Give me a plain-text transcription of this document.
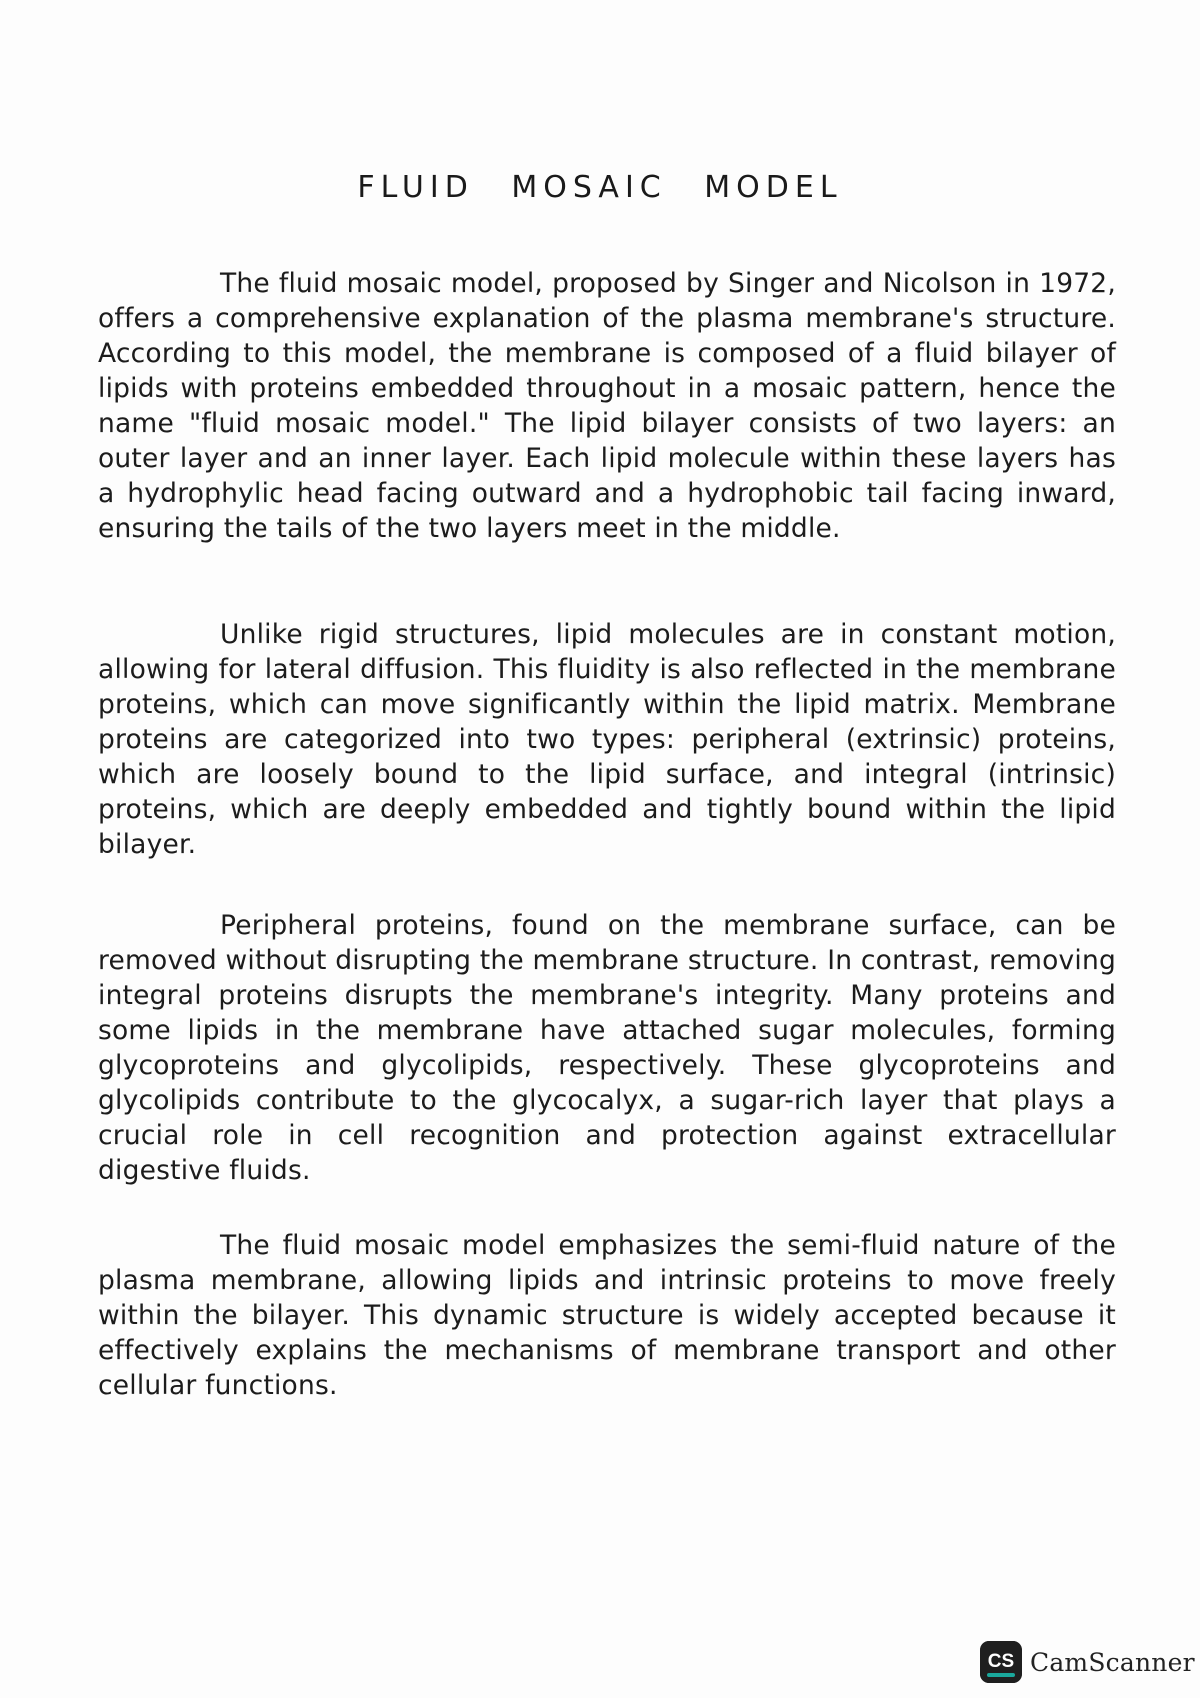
FLUID MOSAIC MODEL

The fluid mosaic model, proposed by Singer and Nicolson in 1972, offers a comprehensive explanation of the plasma membrane's structure. According to this model, the membrane is composed of a fluid bilayer of lipids with proteins embedded throughout in a mosaic pattern, hence the name "fluid mosaic model." The lipid bilayer consists of two layers: an outer layer and an inner layer. Each lipid molecule within these layers has a hydrophylic head facing outward and a hydrophobic tail facing inward, ensuring the tails of the two layers meet in the middle.

Unlike rigid structures, lipid molecules are in constant motion, allowing for lateral diffusion. This fluidity is also reflected in the membrane proteins, which can move significantly within the lipid matrix. Membrane proteins are categorized into two types: peripheral (extrinsic) proteins, which are loosely bound to the lipid surface, and integral (intrinsic) proteins, which are deeply embedded and tightly bound within the lipid bilayer.

Peripheral proteins, found on the membrane surface, can be removed without disrupting the membrane structure. In contrast, removing integral proteins disrupts the membrane's integrity. Many proteins and some lipids in the membrane have attached sugar molecules, forming glycoproteins and glycolipids, respectively. These glycoproteins and glycolipids contribute to the glycocalyx, a sugar-rich layer that plays a crucial role in cell recognition and protection against extracellular digestive fluids.

The fluid mosaic model emphasizes the semi-fluid nature of the plasma membrane, allowing lipids and intrinsic proteins to move freely within the bilayer. This dynamic structure is widely accepted because it effectively explains the mechanisms of membrane transport and other cellular functions.

CS CamScanner
